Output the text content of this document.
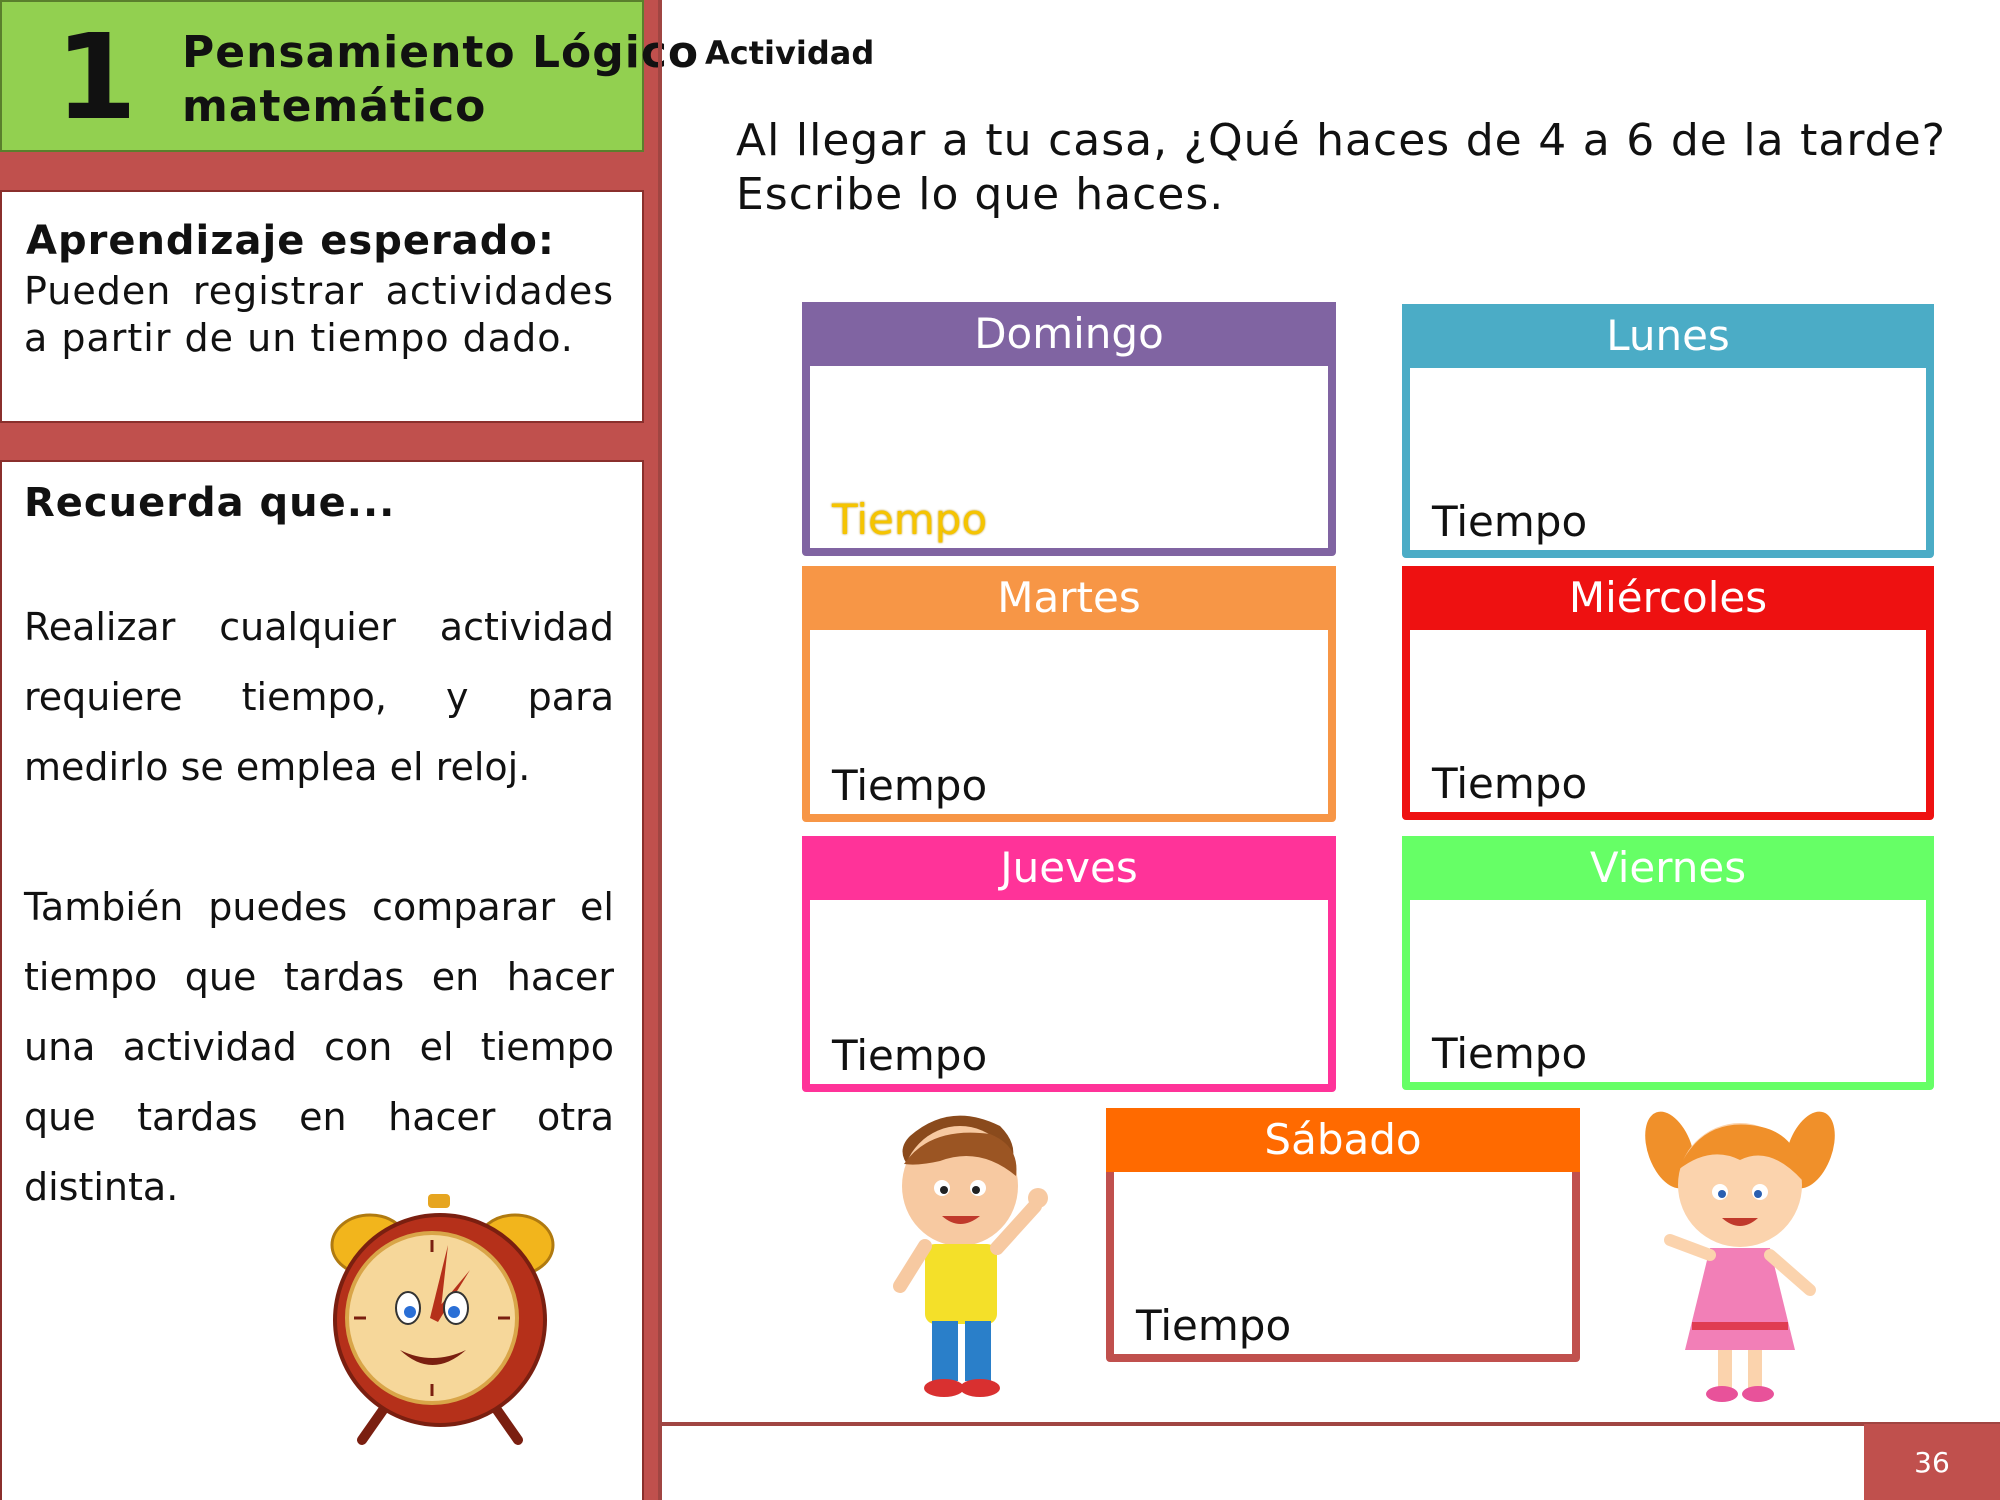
1 Pensamiento Lógico
matemático
Aprendizaje esperado:
Pueden registrar actividades a partir de un tiempo dado.
Recuerda que...
Realizar cualquier actividad requiere tiempo, y para medirlo se emplea el reloj.
También puedes comparar el tiempo que tardas en hacer una actividad con el tiempo que tardas en hacer otra distinta.
Actividad
Al llegar a tu casa, ¿Qué haces de 4 a 6 de la tarde? Escribe lo que haces.
Domingo
Tiempo
Lunes
Tiempo
Martes
Tiempo
Miércoles
Tiempo
Jueves
Tiempo
Viernes
Tiempo
Sábado
Tiempo
36
